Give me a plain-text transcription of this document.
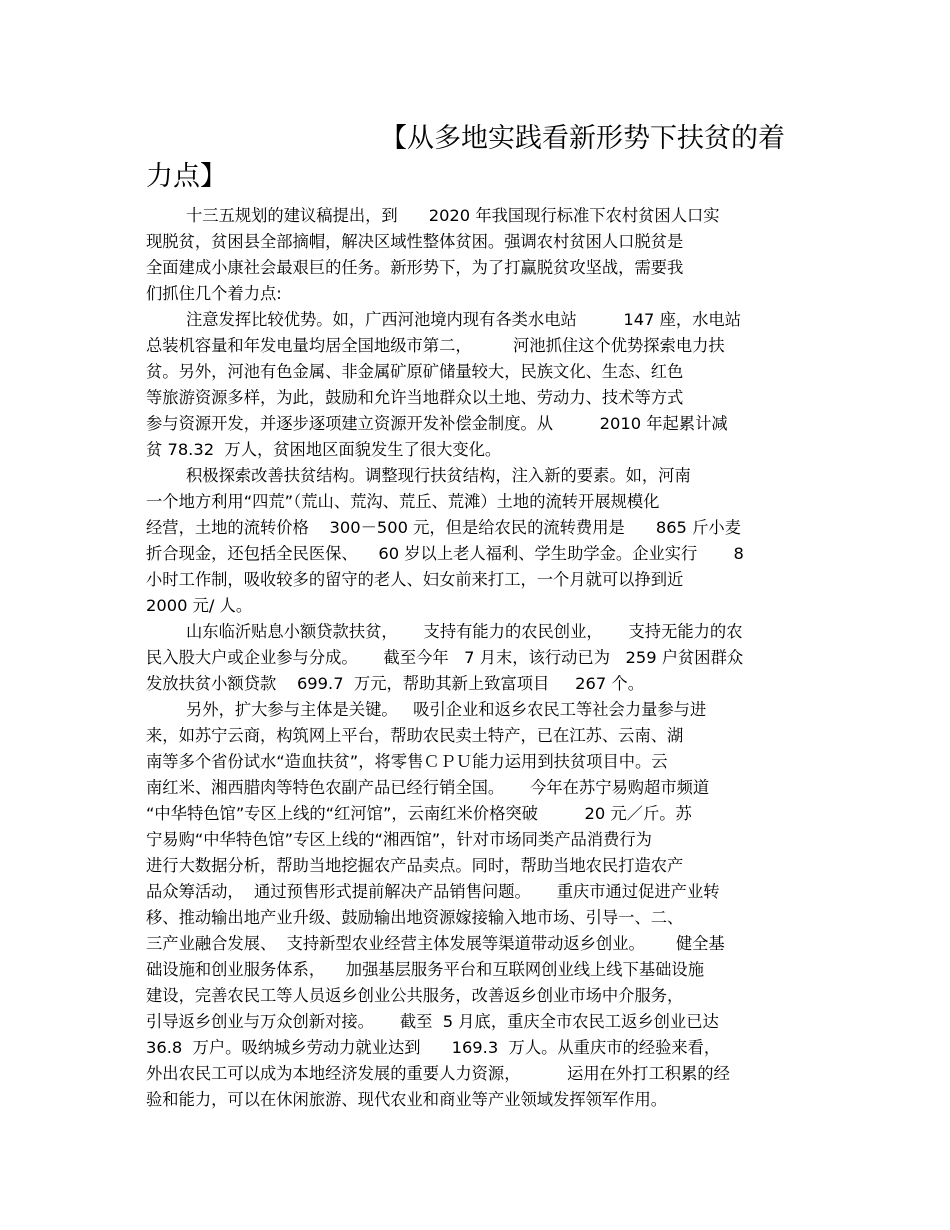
【从多地实践看新形势下扶贫的着
力点】
十三五规划的建议稿提出，到      2020 年我国现行标准下农村贫困人口实
现脱贫，贫困县全部摘帽，解决区域性整体贫困。强调农村贫困人口脱贫是
全面建成小康社会最艰巨的任务。新形势下，为了打赢脱贫攻坚战，需要我
们抓住几个着力点:
注意发挥比较优势。如，广西河池境内现有各类水电站         147 座，水电站
总装机容量和年发电量均居全国地级市第二，        河池抓住这个优势探索电力扶
贫。另外，河池有色金属、非金属矿原矿储量较大，民族文化、生态、红色
等旅游资源多样，为此，鼓励和允许当地群众以土地、劳动力、技术等方式
参与资源开发，并逐步逐项建立资源开发补偿金制度。从         2010 年起累计减
贫 78.32  万人，贫困地区面貌发生了很大变化。
积极探索改善扶贫结构。调整现行扶贫结构，注入新的要素。如，河南
一个地方利用“四荒”（荒山、荒沟、荒丘、荒滩）土地的流转开展规模化
经营，土地的流转价格    300－500 元，但是给农民的流转费用是      865 斤小麦
折合现金，还包括全民医保、    60 岁以上老人福利、学生助学金。企业实行       8
小时工作制，吸收较多的留守的老人、妇女前来打工，一个月就可以挣到近
2000 元/ 人。
山东临沂贴息小额贷款扶贫，     支持有能力的农民创业，     支持无能力的农
民入股大户或企业参与分成。     截至今年   7 月末，该行动已为   259 户贫困群众
发放扶贫小额贷款    699.7  万元，帮助其新上致富项目     267 个。
另外，扩大参与主体是关键。   吸引企业和返乡农民工等社会力量参与进
来，如苏宁云商，构筑网上平台，帮助农民卖土特产，已在江苏、云南、湖
南等多个省份试水“造血扶贫”，将零售ＣＰＵ能力运用到扶贫项目中。云
南红米、湘西腊肉等特色农副产品已经行销全国。     今年在苏宁易购超市频道
“中华特色馆”专区上线的“红河馆”，云南红米价格突破         20 元／斤。苏
宁易购“中华特色馆”专区上线的“湘西馆”，针对市场同类产品消费行为
进行大数据分析，帮助当地挖掘农产品卖点。同时，帮助当地农民打造农产
品众筹活动，  通过预售形式提前解决产品销售问题。     重庆市通过促进产业转
移、推动输出地产业升级、鼓励输出地资源嫁接输入地市场、引导一、二、
三产业融合发展、  支持新型农业经营主体发展等渠道带动返乡创业。      健全基
础设施和创业服务体系，    加强基层服务平台和互联网创业线上线下基础设施
建设，完善农民工等人员返乡创业公共服务，改善返乡创业市场中介服务，
引导返乡创业与万众创新对接。     截至  5 月底，重庆全市农民工返乡创业已达
36.8  万户。吸纳城乡劳动力就业达到      169.3  万人。从重庆市的经验来看，
外出农民工可以成为本地经济发展的重要人力资源，         运用在外打工积累的经
验和能力，可以在休闲旅游、现代农业和商业等产业领域发挥领军作用。
